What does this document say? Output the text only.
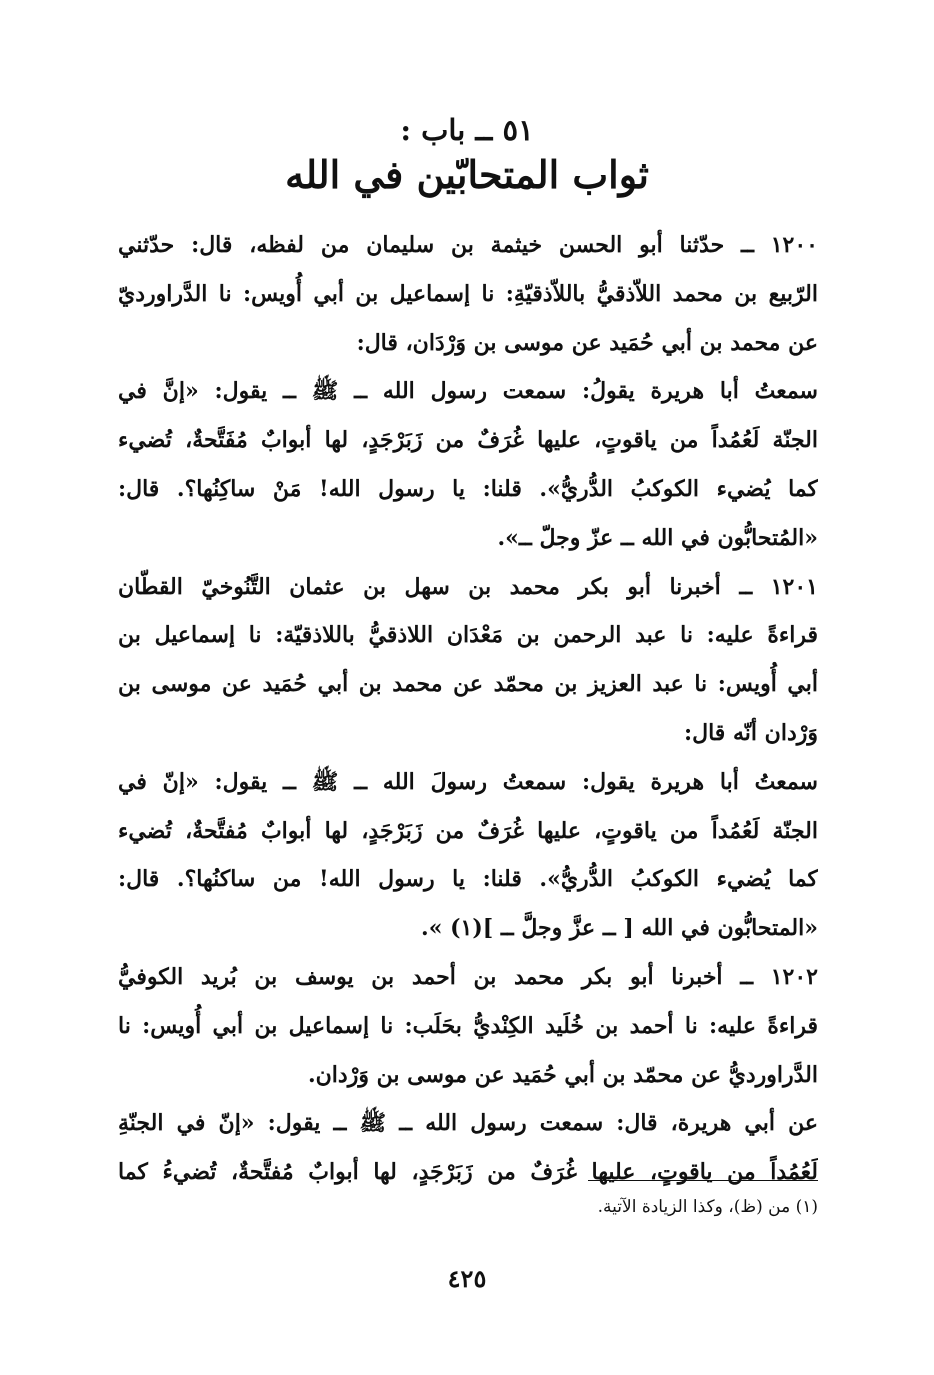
٥١ ــ باب :
ثواب المتحابّين في الله
١٢٠٠ ــ حدّثنا أبو الحسن خيثمة بن سليمان من لفظه، قال: حدّثني
الرّبيع بن محمد اللاّذقيُّ باللاّذقيّةِ: نا إسماعيل بن أبي أُويس: نا الدَّراورديّ
عن محمد بن أبي حُمَيد عن موسى بن وَرْدَان، قال:
سمعتُ أبا هريرة يقولُ: سمعت رسول الله ــ ﷺ ــ يقول: «إنَّ في
الجنّة لَعُمُداً من ياقوتٍ، عليها غُرَفٌ من زَبَرْجَدٍ، لها أبوابٌ مُفَتَّحةٌ، تُضيء
كما يُضيء الكوكبُ الدُّريُّ». قلنا: يا رسول الله! مَنْ ساكِنُها؟. قال:
«المُتحابُّون في الله ــ عزّ وجلّ ــ».
١٢٠١ ــ أخبرنا أبو بكر محمد بن سهل بن عثمان التَّنُوخيّ القطّان
قراءةً عليه: نا عبد الرحمن بن مَعْدَان اللاذقيُّ باللاذقيّة: نا إسماعيل بن
أبي أُويس: نا عبد العزيز بن محمّد عن محمد بن أبي حُمَيد عن موسى بن
وَرْدان أنّه قال:
سمعتُ أبا هريرة يقول: سمعتُ رسولَ الله ــ ﷺ ــ يقول: «إنّ في
الجنّة لَعُمُداً من ياقوتٍ، عليها غُرَفٌ من زَبَرْجَدٍ، لها أبوابٌ مُفتَّحةٌ، تُضيء
كما يُضيء الكوكبُ الدُّريُّ». قلنا: يا رسول الله! من ساكنُها؟. قال:
«المتحابُّون في الله [ ــ عزَّ وجلَّ ــ ](١) ».
١٢٠٢ ــ أخبرنا أبو بكر محمد بن أحمد بن يوسف بن بُريد الكوفيُّ
قراءةً عليه: نا أحمد بن خُلَيد الكِنْديُّ بحَلَب: نا إسماعيل بن أبي أُويس: نا
الدَّراورديُّ عن محمّد بن أبي حُمَيد عن موسى بن وَرْدان.
عن أبي هريرة، قال: سمعت رسول الله ــ ﷺ ــ يقول: «إنّ في الجنّةِ
لَعُمُداً من ياقوتٍ، عليها غُرَفٌ من زَبَرْجَدٍ، لها أبوابٌ مُفتَّحةٌ، تُضيءُ كما
(١) من (ظ)، وكذا الزيادة الآتية.
٤٢٥
